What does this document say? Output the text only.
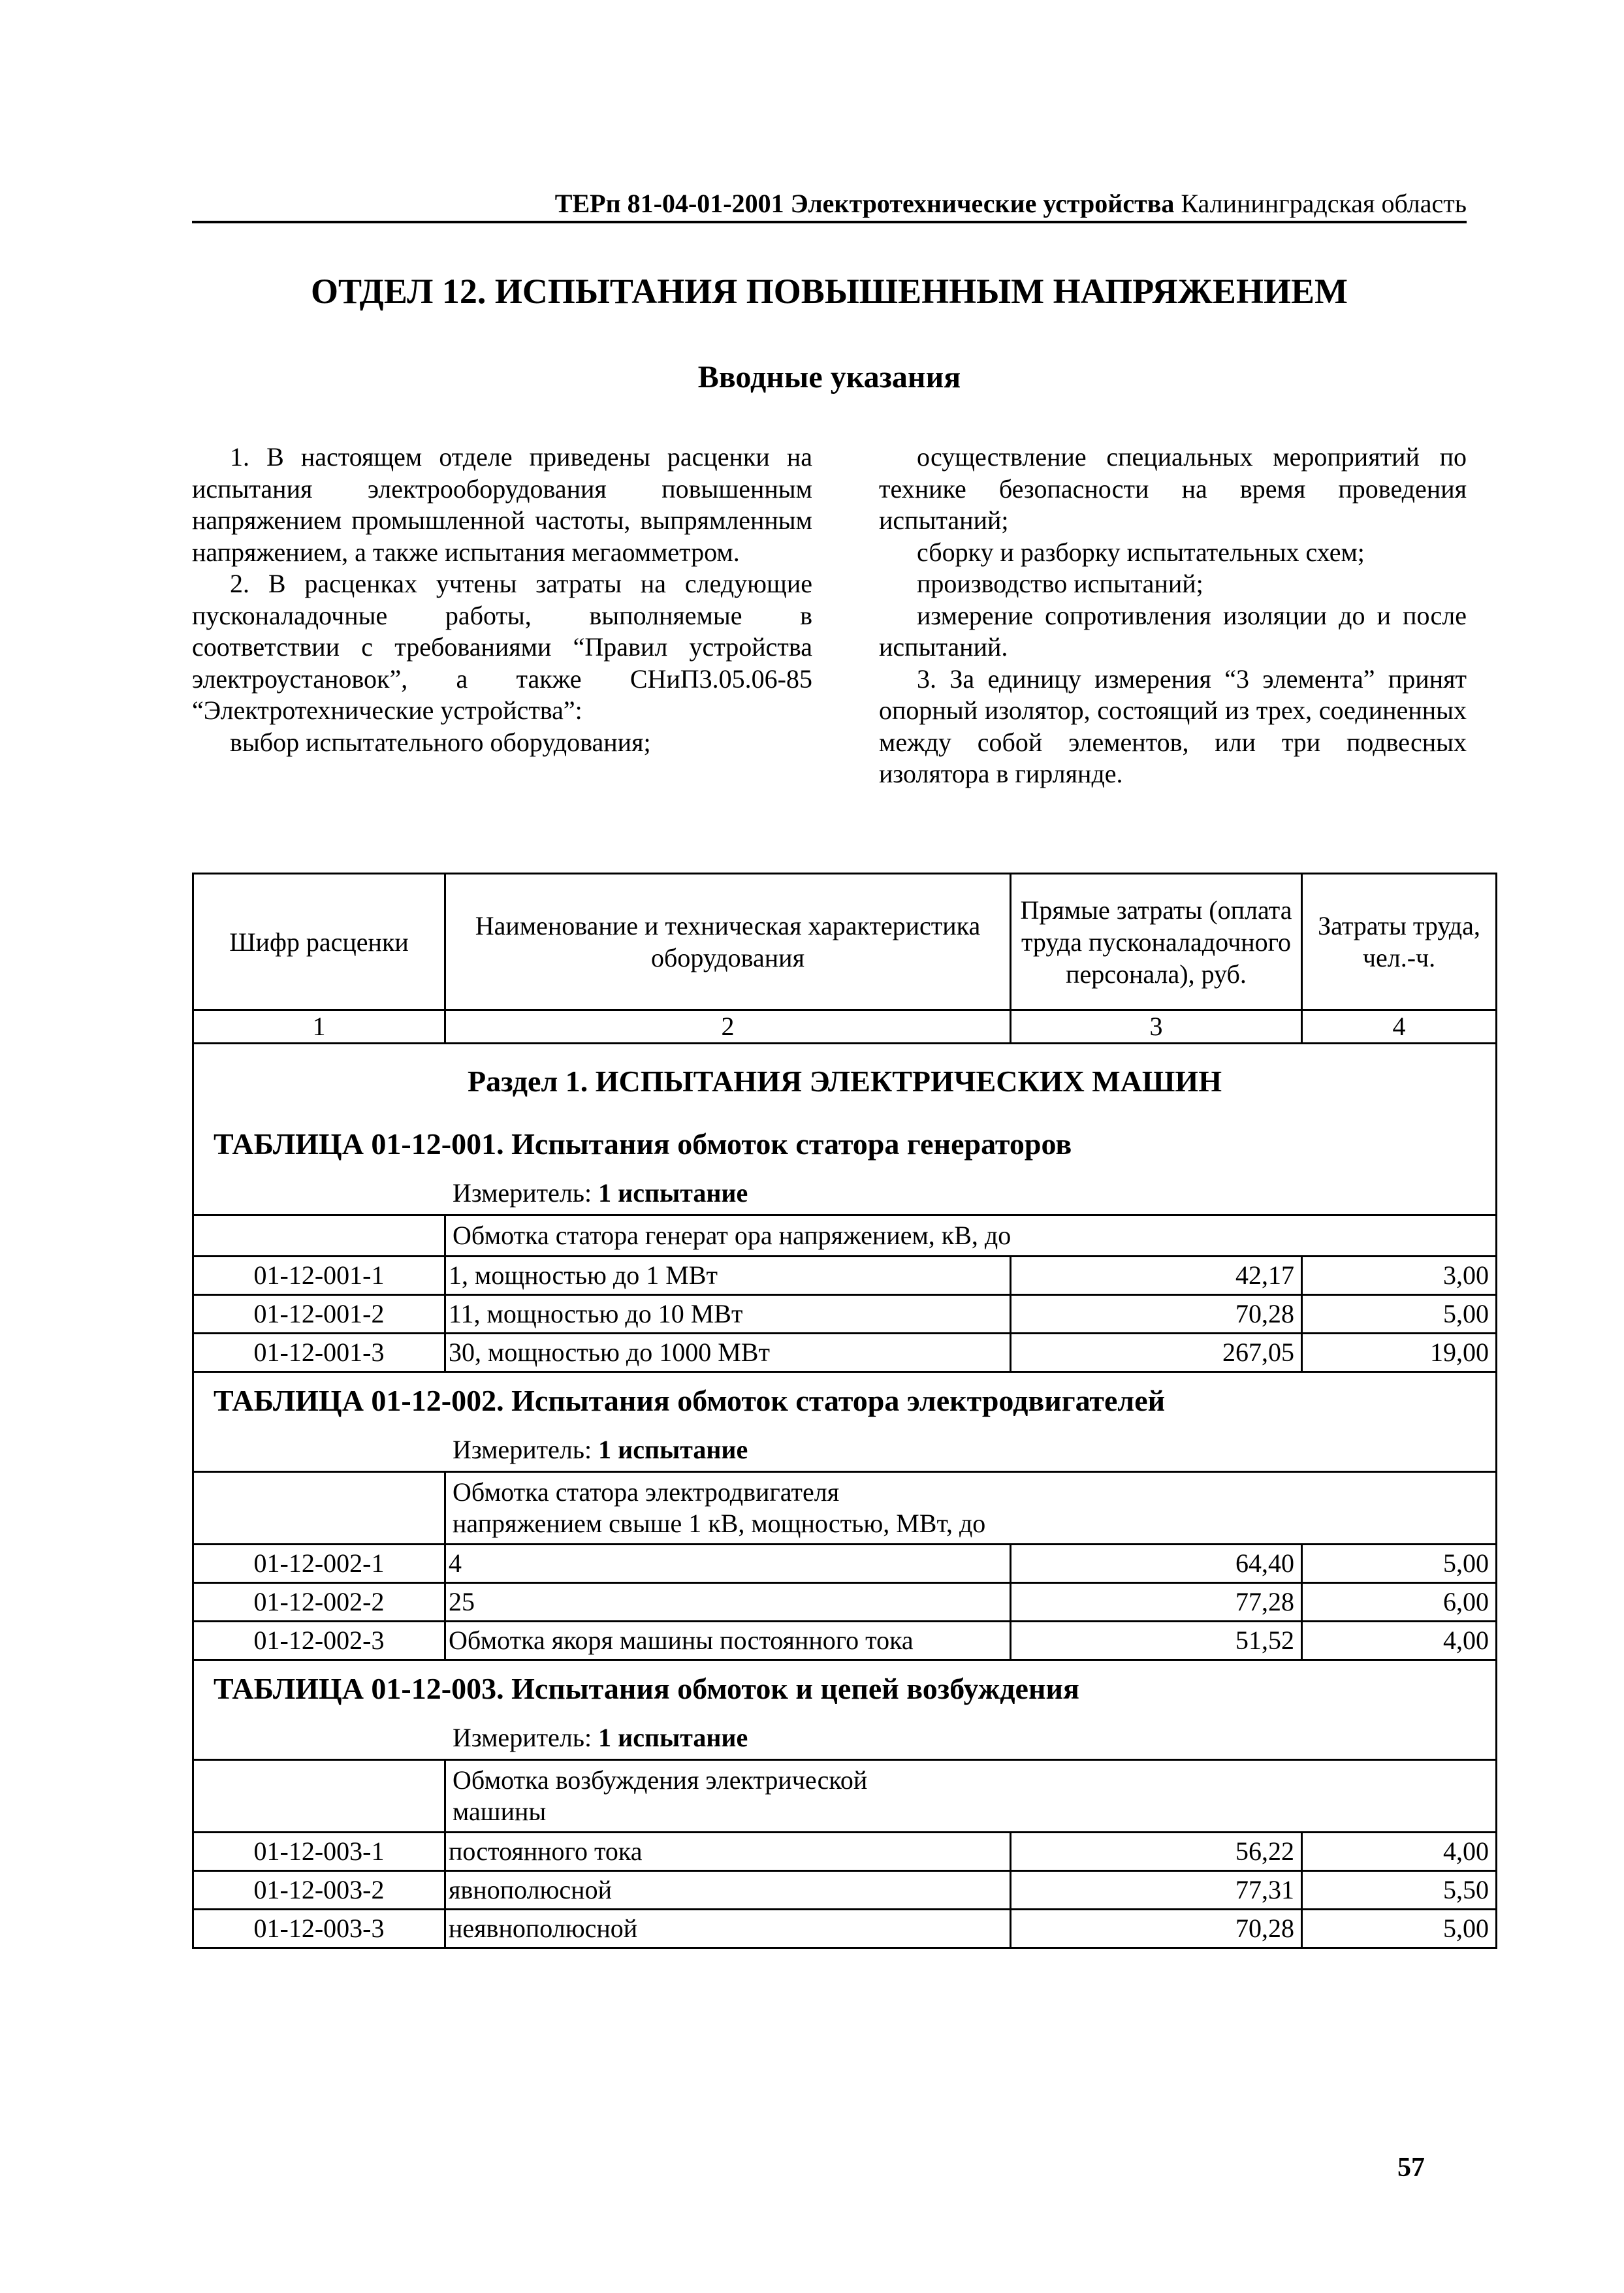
ТЕРп 81-04-01-2001 Электротехнические устройства Калининградская область
ОТДЕЛ 12. ИСПЫТАНИЯ ПОВЫШЕННЫМ НАПРЯЖЕНИЕМ
Вводные указания

1. В настоящем отделе приведены расценки на испытания электрооборудования повышенным напряжением промышленной частоты, выпрямленным напряжением, а также испытания мегаомметром.

2. В расценках учтены затраты на следующие пусконаладочные работы, выполняемые в соответствии с требованиями “Правил устройства электроустановок”, а также СНиП3.05.06-85 “Электротехнические устройства”:

выбор испытательного оборудования;

осуществление специальных мероприятий по технике безопасности на время проведения испытаний;

сборку и разборку испытательных схем;

производство испытаний;

измерение сопротивления изоляции до и после испытаний.

3. За единицу измерения “3 элемента” принят опорный изолятор, состоящий из трех, соединенных между собой элементов, или три подвесных изолятора в гирлянде.

Шифр расценки	Наименование и техническая характеристика оборудования	Прямые затраты (оплата труда пусконаладочного персонала), руб.	Затраты труда, чел.-ч.
1	2	3	4

Раздел 1. ИСПЫТАНИЯ ЭЛЕКТРИЧЕСКИХ МАШИН
ТАБЛИЦА 01-12-001. Испытания обмоток статора генераторов
Измеритель: 1 испытание			

	Обмотка статора генерат ора напряжением, кВ, до		
01-12-001-1	1, мощностью до 1 МВт	42,17	3,00
01-12-001-2	11, мощностью до 10 МВт	70,28	5,00
01-12-001-3	30, мощностью до 1000 МВт	267,05	19,00

ТАБЛИЦА 01-12-002. Испытания обмоток статора электродвигателей
Измеритель: 1 испытание			

	Обмотка статора электродвигателя напряжением свыше 1 кВ, мощностью, МВт, до		

01-12-002-1	4	64,40	5,00
01-12-002-2	25	77,28	6,00
01-12-002-3	Обмотка якоря машины постоянного тока	51,52	4,00

ТАБЛИЦА 01-12-003. Испытания обмоток и цепей возбуждения
Измеритель: 1 испытание			

	Обмотка возбуждения электрической машины		

01-12-003-1	постоянного тока	56,22	4,00
01-12-003-2	явнополюсной	77,31	5,50
01-12-003-3	неявнополюсной	70,28	5,00
57
